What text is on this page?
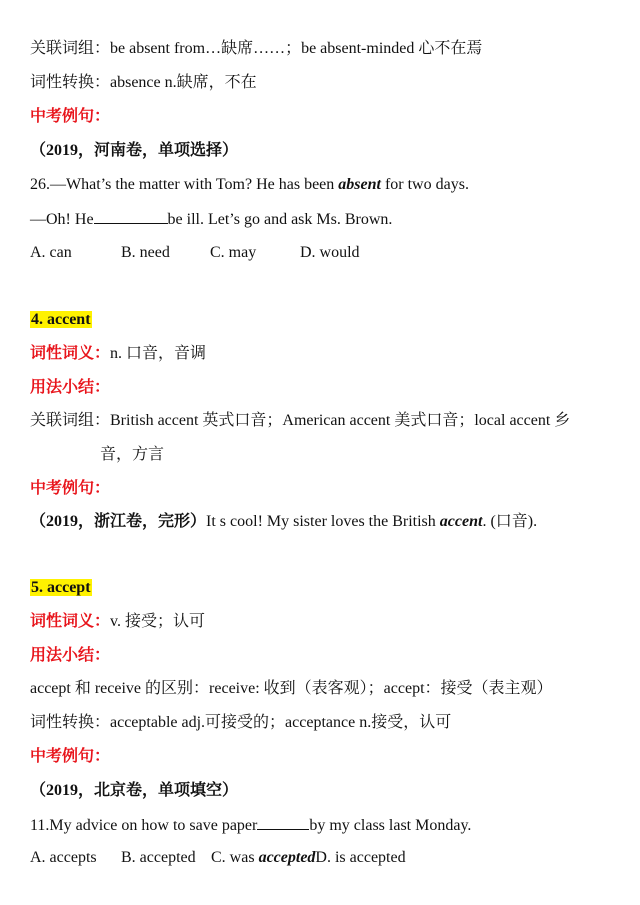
关联词组：be absent from…缺席……；be absent-minded 心不在焉
词性转换：absence n.缺席，不在
中考例句：
（2019，河南卷，单项选择）
26.—What’s the matter with Tom? He has been absent for two days.
—Oh! He	be ill. Let’s go and ask Ms. Brown.
A. can	B. need	C. may	D. would
4. accent
词性词义：n. 口音，音调
用法小结：
关联词组：British accent 英式口音；American accent 美式口音；local accent 乡
音，方言
中考例句：
（2019，浙江卷，完形）It s cool! My sister loves the British accent. (口音).
5. accept
词性词义：v. 接受；认可
用法小结：
accept 和 receive 的区别：receive: 收到（表客观）；accept：接受（表主观）
词性转换：acceptable adj.可接受的；acceptance n.接受，认可
中考例句：
（2019，北京卷，单项填空）
11.My advice on how to save paper	by my class last Monday.
A. accepts B. accepted C. was acceptedD. is accepted
